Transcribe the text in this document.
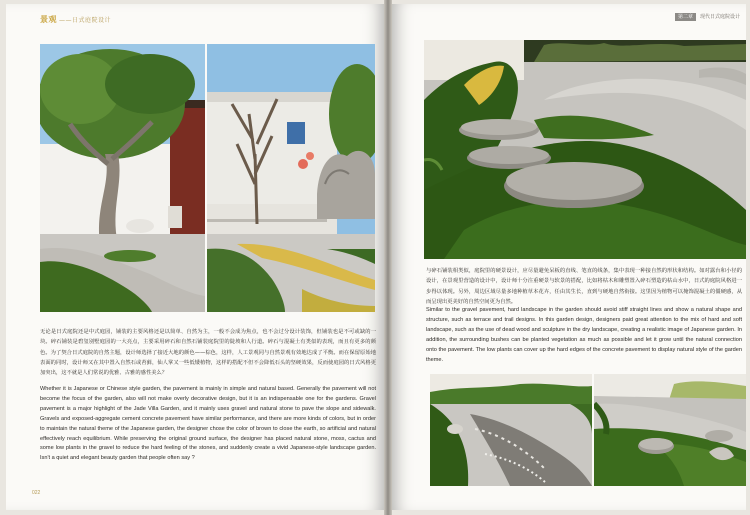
景观 ——日式庭院设计

无论是日式庭院还是中式庭园，铺装的主要风格还是以简单、自然为主，一般不会成为焦点，也不会过分设计装饰，但铺装也是不可或缺的一块。碎石铺装是碧玺别墅庭园的一大亮点，主要采用碎石和自然石铺装庭院里的陡坡和人行道。碎石与混凝土有类似的表现，而且有更多的颜色。为了契合日式庭院的自然主题，设计师选择了接近大地的颜色——棕色，这样，人工景观同与自然景观有效地达成了平衡。而在保留原始地表面的同时，设计师又在其中置入自然石或苔藓，仙人掌又一些低矮植物，这样的搭配不但不会降低石头的坚硬效果，反而使庭园的日式风格更加突出，这不就是人们常说的优雅、古雅的感性美么？

Whether it is Japanese or Chinese style garden, the pavement is mainly in simple and natural based. Generally the pavement will not become the focus of the garden, also will not make overly decorative design, but it is an indispensable one for the gardens. Gravel pavement is a major highlight of the Jade Villa Garden, and it mainly uses gravel and natural stone to pave the slope and sidewalk. Gravels and exposed-aggregate cement concrete pavement have similar performance, and there are more kinds of colors, but in order to maintain the natural theme of the Japanese garden, the designer chose the color of brown to close the earth, so artificial and natural effectively reach equilibrium. While preserving the original ground surface, the designer has placed natural stone, moss, cactus and some low plants in the gravel to reduce the hard feeling of the stones, and suddenly create a vivid Japanese-style landscape garden. Isn't a quiet and elegant beauty garden that people often say ?

022
第二章 现代日式庭院设计

与碎石铺装相类似，庭院里的硬景设计，应尽量避免呆板的直线、笔直的线条，集中表现一种接自然的形状和结构。如对露台和小径的设计，在景观里营造的设计中，设计师十分注重硬景与软景的搭配，比如将枯木和雕塑置入碎石塑造的枯山水中，日式的庭院风格进一步得以体现。另外，周边区域尽量多地种植草本花卉，任由其生长，直到与硬地自然衔接。这里因为植物可以掩饰混凝土的僵硬感，从而呈现出更美好的自然空间更为自然。

Similar to the gravel pavement, hard landscape in the garden should avoid stiff straight lines and show a natural shape and structure, such as terrace and trail designs. In this garden design, designers paid great attention to the mix of hard and soft landscape, such as the use of dead wood and sculpture in the dry landscape, creating a realistic image of Japanese garden. In addition, the surrounding bushes can be planted vegetation as much as possible and let it grow until the natural connection onto the pavement. The low plants can cover up the hard edges of the concrete pavement to display natural style of the garden theme.
